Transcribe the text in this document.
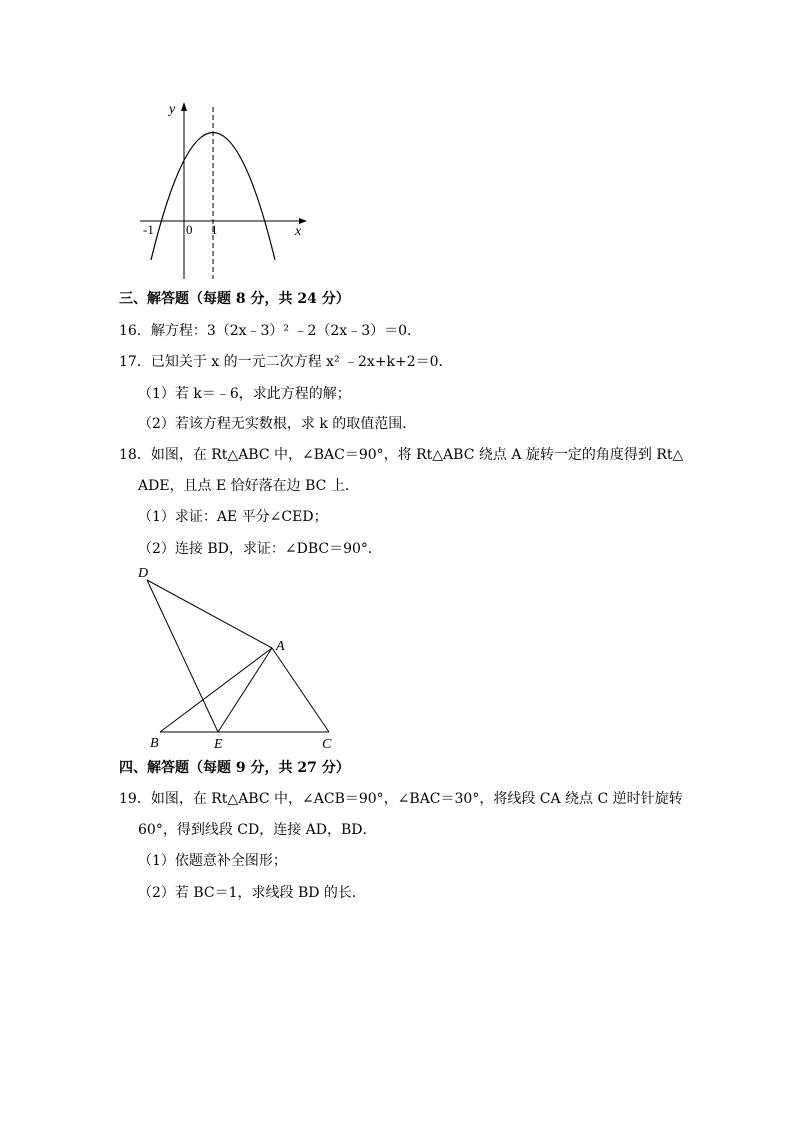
y
x
-1 0 1
三、解答题（每题 8 分，共 24 分）
16．解方程：3（2x﹣3）² ﹣2（2x﹣3）＝0．
17．已知关于 x 的一元二次方程 x² ﹣2x+k+2＝0．
（1）若 k＝﹣6，求此方程的解；
（2）若该方程无实数根，求 k 的取值范围．
18．如图，在 Rt△ABC 中，∠BAC＝90°，将 Rt△ABC 绕点 A 旋转一定的角度得到 Rt△
ADE，且点 E 恰好落在边 BC 上．
（1）求证：AE 平分∠CED；
（2）连接 BD，求证：∠DBC＝90°．
D
A
B	E	C
四、解答题（每题 9 分，共 27 分）
19．如图，在 Rt△ABC 中，∠ACB＝90°，∠BAC＝30°，将线段 CA 绕点 C 逆时针旋转
60°，得到线段 CD，连接 AD，BD．
（1）依题意补全图形；
（2）若 BC＝1，求线段 BD 的长．
